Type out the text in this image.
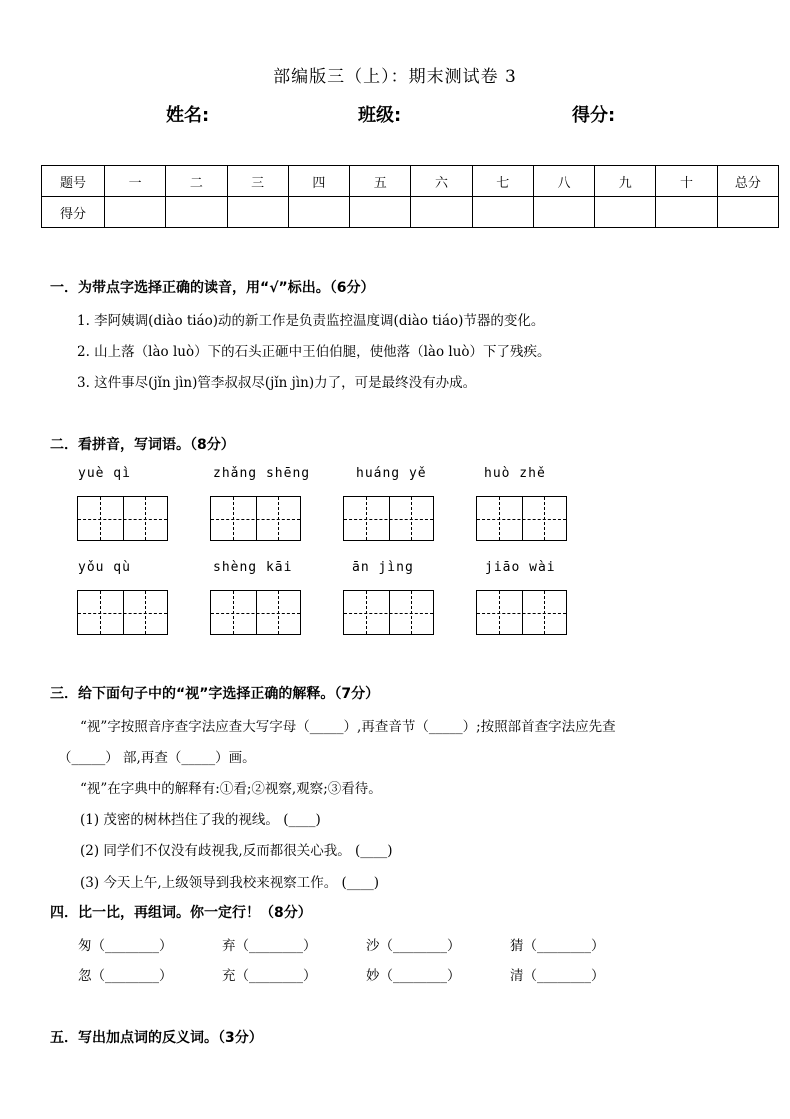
部编版三（上）：期末测试卷 3
姓名:	班级:	得分:
题号	一	二	三	四	五	六	七	八	九	十	总分
得分											
一．为带点字选择正确的读音，用“√”标出。（6分）
1. 李阿姨调(diào tiáo)动的新工作是负责监控温度调(diào tiáo)节器的变化。
2. 山上落（lào luò）下的石头正砸中王伯伯腿，使他落（lào luò）下了残疾。
3. 这件事尽(jǐn jìn)管李叔叔尽(jǐn jìn)力了，可是最终没有办成。
二．看拼音，写词语。（8分）
yuè qì	zhǎng shēng	huáng yě	huò zhě
yǒu qù	shèng kāi	ān jìng	jiāo wài
三．给下面句子中的“视”字选择正确的解释。（7分）
“视”字按照音序查字法应查大写字母（_____）,再查音节（_____）;按照部首查字法应先查
（_____） 部,再查（_____）画。
“视”在字典中的解释有:①看;②视察,观察;③看待。
(1) 茂密的树林挡住了我的视线。 (____)
(2) 同学们不仅没有歧视我,反而都很关心我。 (____)
(3) 今天上午,上级领导到我校来视察工作。 (____)
四．比一比，再组词。你一定行！（8分）
匆（________）	弃（________）	沙（________）	猜（________）
忽（________）	充（________）	妙（________）	清（________）
五．写出加点词的反义词。（3分）
